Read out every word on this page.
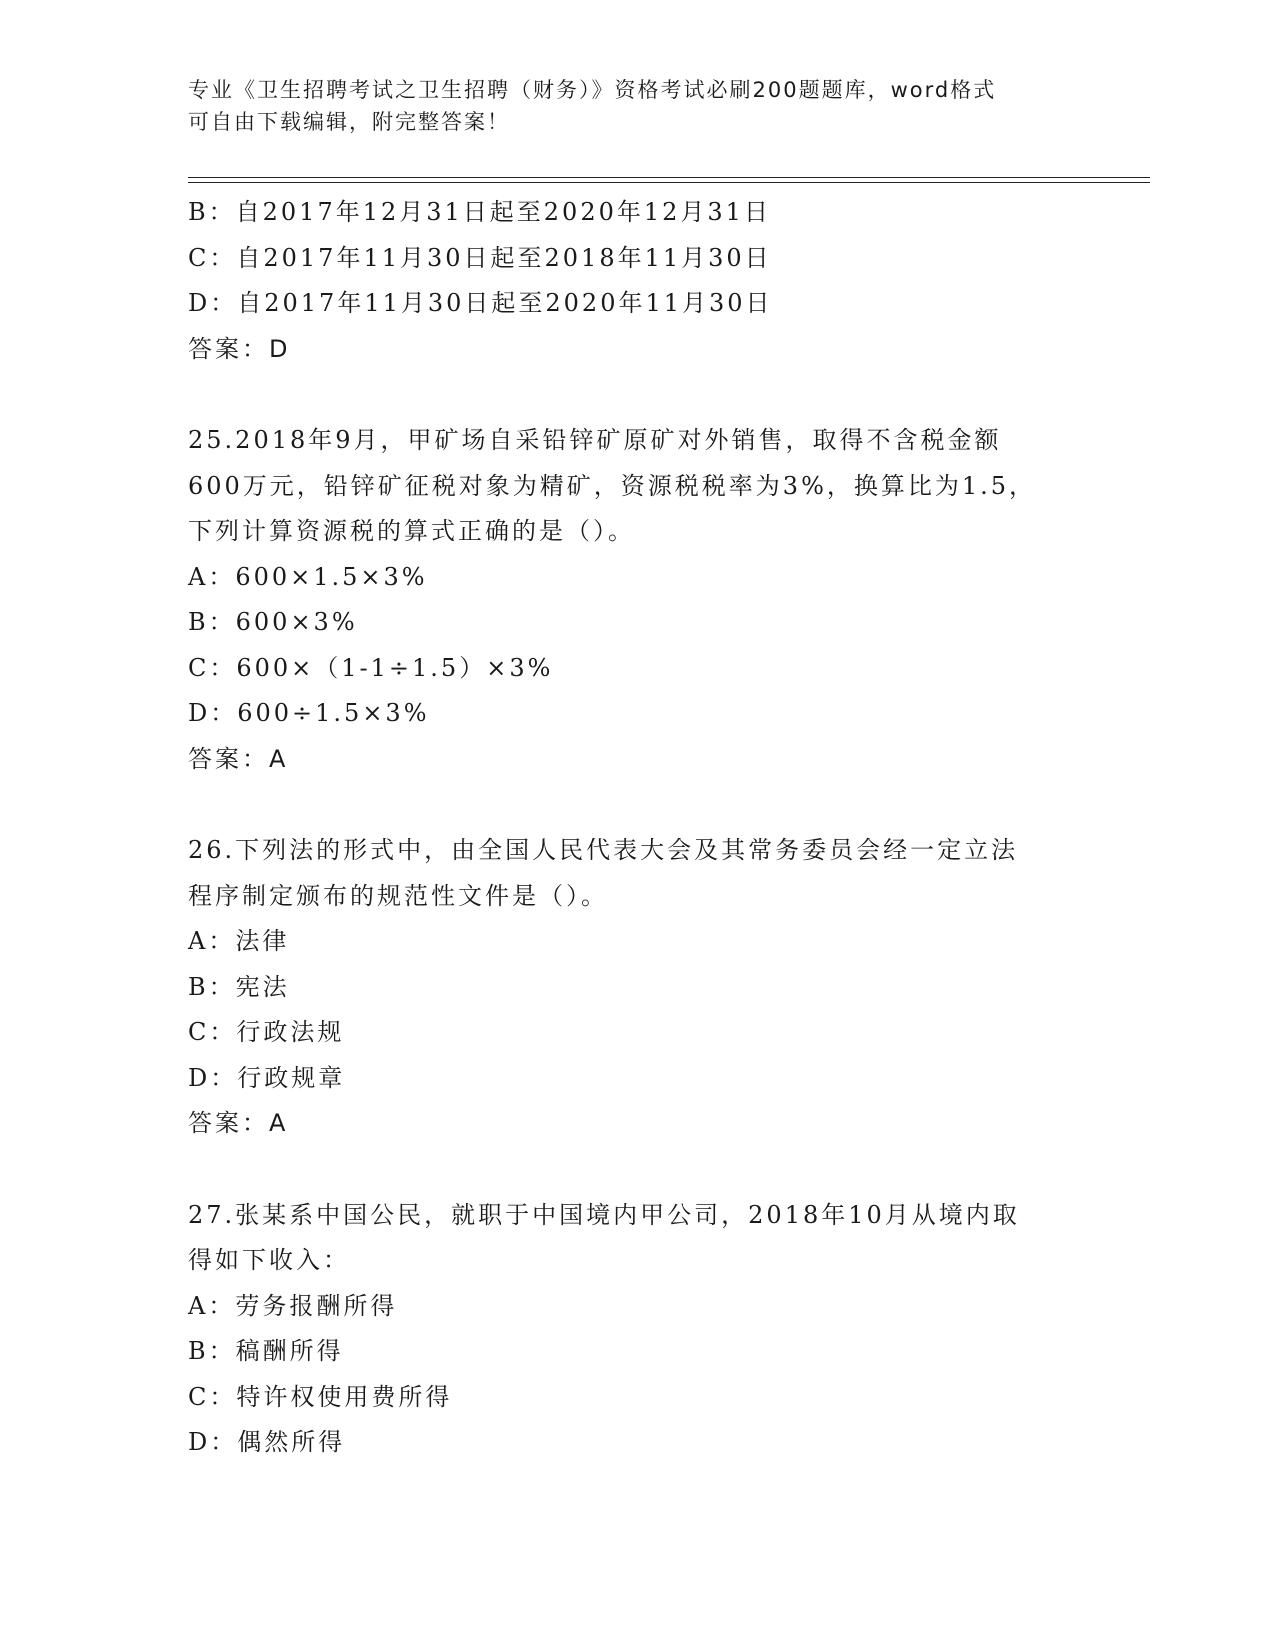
专业《卫生招聘考试之卫生招聘（财务）》资格考试必刷200题题库，word格式
可自由下载编辑，附完整答案！
B：自2017年12月31日起至2020年12月31日
C：自2017年11月30日起至2018年11月30日
D：自2017年11月30日起至2020年11月30日
答案：D
25.2018年9月，甲矿场自采铅锌矿原矿对外销售，取得不含税金额
600万元，铅锌矿征税对象为精矿，资源税税率为3%，换算比为1.5，
下列计算资源税的算式正确的是（）。
A：600×1.5×3%
B：600×3%
C：600×（1-1÷1.5）×3%
D：600÷1.5×3%
答案：A
26.下列法的形式中，由全国人民代表大会及其常务委员会经一定立法
程序制定颁布的规范性文件是（）。
A：法律
B：宪法
C：行政法规
D：行政规章
答案：A
27.张某系中国公民，就职于中国境内甲公司，2018年10月从境内取
得如下收入：
A：劳务报酬所得
B：稿酬所得
C：特许权使用费所得
D：偶然所得
